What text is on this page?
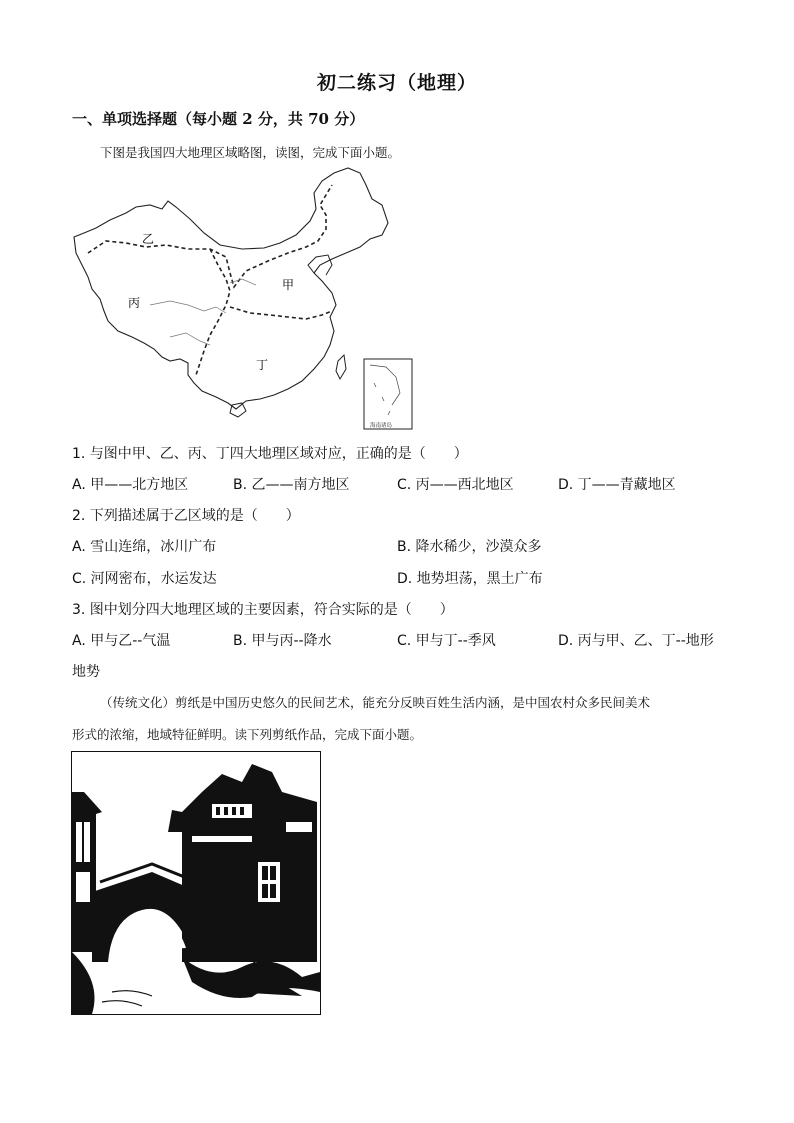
初二练习（地理）
一、单项选择题（每小题 2 分，共 70 分）
下图是我国四大地理区域略图，读图，完成下面小题。
乙
丙
甲
丁
海南诸岛
1. 与图中甲、乙、丙、丁四大地理区域对应，正确的是（　　）
A. 甲——北方地区	B. 乙——南方地区	C. 丙——西北地区	D. 丁——青藏地区
2. 下列描述属于乙区域的是（　　）
A. 雪山连绵，冰川广布	B. 降水稀少，沙漠众多
C. 河网密布，水运发达	D. 地势坦荡，黑土广布
3. 图中划分四大地理区域的主要因素，符合实际的是（　　）
A. 甲与乙--气温	B. 甲与丙--降水	C. 甲与丁--季风	D. 丙与甲、乙、丁--地形
地势
（传统文化）剪纸是中国历史悠久的民间艺术，能充分反映百姓生活内涵，是中国农村众多民间美术
形式的浓缩，地域特征鲜明。读下列剪纸作品，完成下面小题。
